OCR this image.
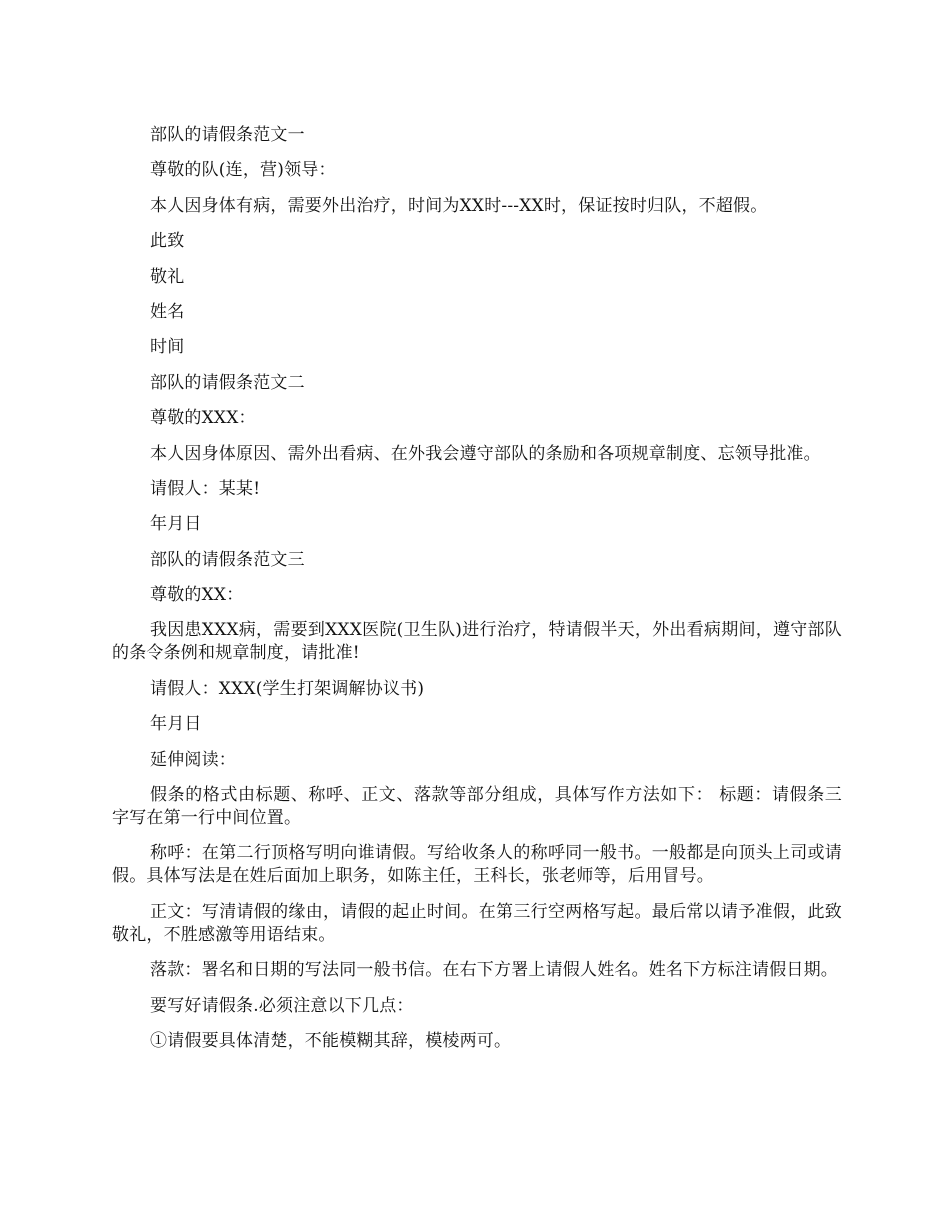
部队的请假条范文一

尊敬的队(连，营)领导：

本人因身体有病，需要外出治疗，时间为XX时---XX时，保证按时归队，不超假。

此致

敬礼

姓名

时间

部队的请假条范文二

尊敬的XXX：

本人因身体原因、需外出看病、在外我会遵守部队的条励和各项规章制度、忘领导批准。

请假人：某某!

年月日

部队的请假条范文三

尊敬的XX：

我因患XXX病，需要到XXX医院(卫生队)进行治疗，特请假半天，外出看病期间，遵守部队的条令条例和规章制度，请批准!

请假人：XXX(学生打架调解协议书)

年月日

延伸阅读：

假条的格式由标题、称呼、正文、落款等部分组成，具体写作方法如下： 标题：请假条三字写在第一行中间位置。

称呼：在第二行顶格写明向谁请假。写给收条人的称呼同一般书。一般都是向顶头上司或请假。具体写法是在姓后面加上职务，如陈主任，王科长，张老师等，后用冒号。

正文：写清请假的缘由，请假的起止时间。在第三行空两格写起。最后常以请予准假，此致敬礼，不胜感激等用语结束。

落款：署名和日期的写法同一般书信。在右下方署上请假人姓名。姓名下方标注请假日期。

要写好请假条.必须注意以下几点：

①请假要具体清楚，不能模糊其辞，模棱两可。
